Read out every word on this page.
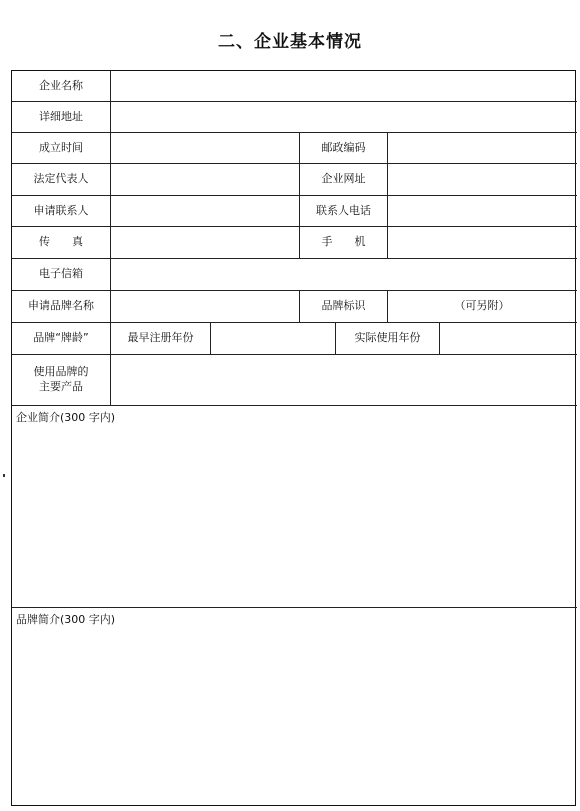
二、企业基本情况
企业名称
详细地址
成立时间	邮政编码
法定代表人	企业网址
申请联系人	联系人电话
传　　真	手　　机
电子信箱
申请品牌名称	品牌标识	（可另附）
品牌“牌龄”	最早注册年份	实际使用年份
使用品牌的
主要产品
企业简介(300 字内)
品牌简介(300 字内)
